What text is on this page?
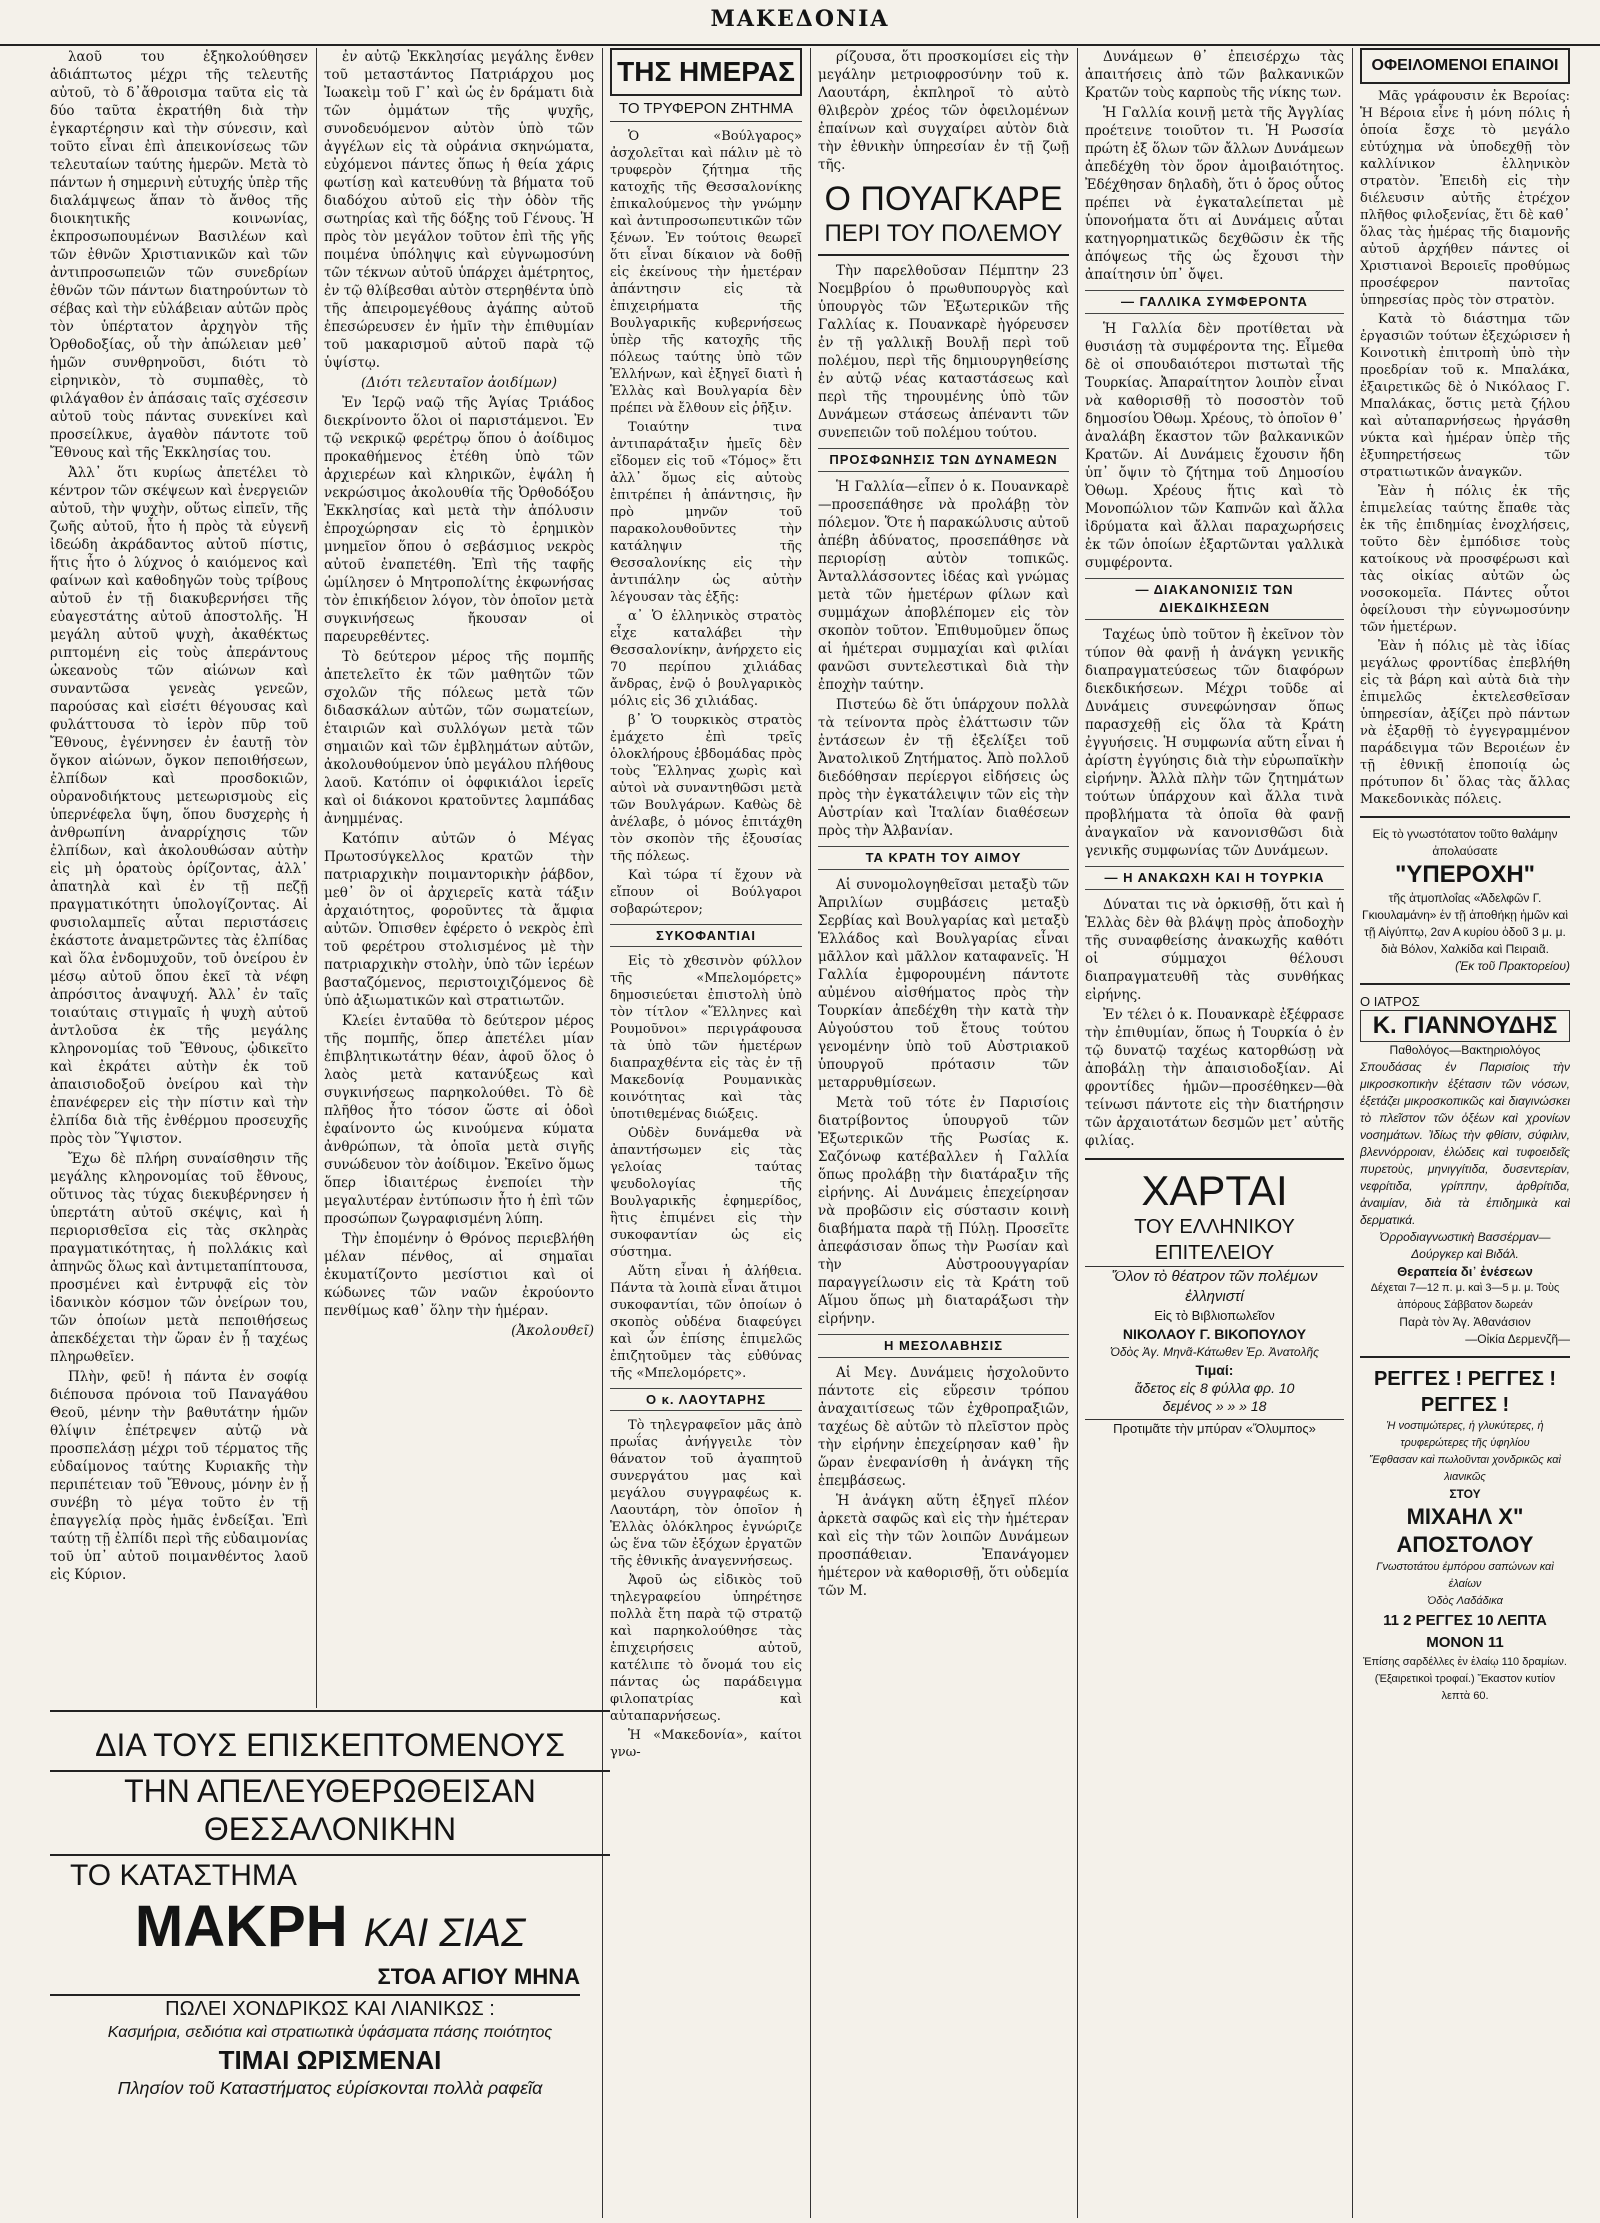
ΜΑΚΕΔΟΝΙΑ

λαοῦ του ἐξηκολούθησεν ἀδιάπτωτος μέχρι τῆς τελευτῆς αὐτοῦ, τὸ δ᾽ἄθροισμα ταῦτα εἰς τὰ δύο ταῦτα ἐκρατήθη διὰ τὴν ἐγκαρτέρησιν καὶ τὴν σύνεσιν, καὶ τοῦτο εἶναι ἐπὶ ἀπεικονίσεως τῶν τελευταίων ταύτης ἡμερῶν. Μετὰ τὸ πάντων ἡ σημερινὴ εὐτυχής ὑπὲρ τῆς διαλάμψεως ἅπαν τὸ ἄνθος τῆς διοικητικῆς κοινωνίας, ἐκπροσωπουμένων Βασιλέων καὶ τῶν ἐθνῶν Χριστιανικῶν καὶ τῶν ἀντιπροσωπειῶν τῶν συνεδρίων ἐθνῶν τῶν πάντων διατηρούντων τὸ σέβας καὶ τὴν εὐλάβειαν αὐτῶν πρὸς τὸν ὑπέρτατον ἀρχηγὸν τῆς Ὀρθοδοξίας, οὗ τὴν ἀπώλειαν μεθ᾽ ἡμῶν συνθρηνοῦσι, διότι τὸ εἰρηνικὸν, τὸ συμπαθὲς, τὸ φιλάγαθον ἐν ἁπάσαις ταῖς σχέσεσιν αὐτοῦ τοὺς πάντας συνεκίνει καὶ προσείλκυε, ἀγαθὸν πάντοτε τοῦ Ἔθνους καὶ τῆς Ἐκκλησίας του.

Ἀλλ᾽ ὅτι κυρίως ἀπετέλει τὸ κέντρον τῶν σκέψεων καὶ ἐνεργειῶν αὐτοῦ, τὴν ψυχὴν, οὕτως εἰπεῖν, τῆς ζωῆς αὐτοῦ, ἦτο ἡ πρὸς τὰ εὐγενῆ ἰδεώδη ἀκράδαντος αὐτοῦ πίστις, ἥτις ἦτο ὁ λύχνος ὁ καιόμενος καὶ φαίνων καὶ καθοδηγῶν τοὺς τρίβους αὐτοῦ ἐν τῇ διακυβερνήσει τῆς εὐαγεστάτης αὐτοῦ ἀποστολῆς. Ἡ μεγάλη αὐτοῦ ψυχὴ, ἀκαθέκτως ριπτομένη εἰς τοὺς ἀπεράντους ὠκεανοὺς τῶν αἰώνων καὶ συναντῶσα γενεὰς γενεῶν, παρούσας καὶ εἰσέτι θέγουσας καὶ φυλάττουσα τὸ ἱερὸν πῦρ τοῦ Ἔθνους, ἐγέννησεν ἐν ἑαυτῇ τὸν ὄγκον αἰώνων, ὄγκον πεποιθήσεων, ἐλπίδων καὶ προσδοκιῶν, οὐρανοδιήκτους μετεωρισμοὺς εἰς ὑπερνέφελα ὕψη, ὅπου δυσχερὴς ἡ ἀνθρωπίνη ἀναρρίχησις τῶν ἐλπίδων, καὶ ἀκολουθώσαν αὐτὴν εἰς μὴ ὁρατοὺς ὁρίζοντας, ἀλλ᾽ ἀπατηλὰ καὶ ἐν τῇ πεζῇ πραγματικότητι ὑπολογίζοντας. Αἱ φυσιολαμπεῖς αὗται περιστάσεις ἐκάστοτε ἀναμετρῶντες τὰς ἐλπίδας καὶ ὅλα ἐνδομυχοῦν, τοῦ ὀνείρου ἐν μέσῳ αὐτοῦ ὅπου ἐκεῖ τὰ νέφη ἀπρόσιτος ἀναψυχή. Ἀλλ᾽ ἐν ταῖς τοιαύταις στιγμαῖς ἡ ψυχὴ αὐτοῦ ἀντλοῦσα ἐκ τῆς μεγάλης κληρονομίας τοῦ Ἔθνους, ᾠδικεῖτο καὶ ἐκράτει αὐτὴν ἐκ τοῦ ἀπαισιοδοξοῦ ὀνείρου καὶ τὴν ἐπανέφερεν εἰς τὴν πίστιν καὶ τὴν ἐλπίδα διὰ τῆς ἐνθέρμου προσευχῆς πρὸς τὸν Ὕψιστον.

Ἔχω δὲ πλήρη συναίσθησιν τῆς μεγάλης κληρονομίας τοῦ ἔθνους, οὕτινος τὰς τύχας διεκυβέρνησεν ἡ ὑπερτάτη αὐτοῦ σκέψις, καὶ ἡ περιορισθεῖσα εἰς τὰς σκληρὰς πραγματικότητας, ἡ πολλάκις καὶ ἀπηνῶς ὅλως καὶ ἀντιμεταπίπτουσα, προσμένει καὶ ἐντρυφᾷ εἰς τὸν ἰδανικὸν κόσμον τῶν ὀνείρων του, τῶν ὁποίων μετὰ πεποιθήσεως ἀπεκδέχεται τὴν ὥραν ἐν ᾗ ταχέως πληρωθεῖεν.

Πλὴν, φεῦ! ἡ πάντα ἐν σοφίᾳ διέπουσα πρόνοια τοῦ Παναγάθου Θεοῦ, μένην τὴν βαθυτάτην ἡμῶν θλίψιν ἐπέτρεψεν αὐτῷ νὰ προσπελάσῃ μέχρι τοῦ τέρματος τῆς εὐδαίμονος ταύτης Κυριακῆς τὴν περιπέτειαν τοῦ Ἔθνους, μόνην ἐν ᾗ συνέβη τὸ μέγα τοῦτο ἐν τῇ ἐπαγγελίᾳ πρὸς ἡμᾶς ἐνδείξαι. Ἐπὶ ταύτῃ τῇ ἐλπίδι περὶ τῆς εὐδαιμονίας τοῦ ὑπ᾽ αὐτοῦ ποιμανθέντος λαοῦ εἰς Κύριον.

ἐν αὐτῷ Ἐκκλησίας μεγάλης ἔνθεν τοῦ μεταστάντος Πατριάρχου μος Ἰωακεὶμ τοῦ Γ᾽ καὶ ὡς ἐν δράματι διὰ τῶν ὀμμάτων τῆς ψυχῆς, συνοδευόμενον αὐτὸν ὑπὸ τῶν ἀγγέλων εἰς τὰ οὐράνια σκηνώματα, εὐχόμενοι πάντες ὅπως ἡ θεία χάρις φωτίσῃ καὶ κατευθύνῃ τὰ βήματα τοῦ διαδόχου αὐτοῦ εἰς τὴν ὁδὸν τῆς σωτηρίας καὶ τῆς δόξης τοῦ Γένους. Ἡ πρὸς τὸν μεγάλον τοῦτον ἐπὶ τῆς γῆς ποιμένα ὑπόληψις καὶ εὐγνωμοσύνη τῶν τέκνων αὐτοῦ ὑπάρχει ἀμέτρητος, ἐν τῷ θλίβεσθαι αὐτὸν στερηθέντα ὑπὸ τῆς ἀπειρομεγέθους ἀγάπης αὐτοῦ ἐπεσώρευσεν ἐν ἡμῖν τὴν ἐπιθυμίαν τοῦ μακαρισμοῦ αὐτοῦ παρὰ τῷ ὑψίστῳ.

(Διότι τελευταῖον ἀοιδίμων)

Ἐν Ἱερῷ ναῷ τῆς Ἁγίας Τριάδος διεκρίνοντο ὅλοι οἱ παριστάμενοι. Ἐν τῷ νεκρικῷ φερέτρῳ ὅπου ὁ ἀοίδιμος προκαθήμενος ἐτέθη ὑπὸ τῶν ἀρχιερέων καὶ κληρικῶν, ἐψάλη ἡ νεκρώσιμος ἀκολουθία τῆς Ὀρθοδόξου Ἐκκλησίας καὶ μετὰ τὴν ἀπόλυσιν ἐπροχώρησαν εἰς τὸ ἐρημικὸν μνημεῖον ὅπου ὁ σεβάσμιος νεκρὸς αὐτοῦ ἐναπετέθη. Ἐπὶ τῆς ταφῆς ὡμίλησεν ὁ Μητροπολίτης ἐκφωνήσας τὸν ἐπικήδειον λόγον, τὸν ὁποῖον μετὰ συγκινήσεως ἤκουσαν οἱ παρευρεθέντες.

Τὸ δεύτερον μέρος τῆς πομπῆς ἀπετελεῖτο ἐκ τῶν μαθητῶν τῶν σχολῶν τῆς πόλεως μετὰ τῶν διδασκάλων αὐτῶν, τῶν σωματείων, ἑταιριῶν καὶ συλλόγων μετὰ τῶν σημαιῶν καὶ τῶν ἐμβλημάτων αὐτῶν, ἀκολουθούμενον ὑπὸ μεγάλου πλήθους λαοῦ. Κατόπιν οἱ ὀφφικιάλοι ἱερεῖς καὶ οἱ διάκονοι κρατοῦντες λαμπάδας ἀνημμένας.

Κατόπιν αὐτῶν ὁ Μέγας Πρωτοσύγκελλος κρατῶν τὴν πατριαρχικὴν ποιμαντορικὴν ῥάβδον, μεθ᾽ ὃν οἱ ἀρχιερεῖς κατὰ τάξιν ἀρχαιότητος, φοροῦντες τὰ ἄμφια αὐτῶν. Ὀπισθεν ἐφέρετο ὁ νεκρὸς ἐπὶ τοῦ φερέτρου στολισμένος μὲ τὴν πατριαρχικὴν στολὴν, ὑπὸ τῶν ἱερέων βασταζόμενος, περιστοιχιζόμενος δὲ ὑπὸ ἀξιωματικῶν καὶ στρατιωτῶν.

Κλείει ἐνταῦθα τὸ δεύτερον μέρος τῆς πομπῆς, ὅπερ ἀπετέλει μίαν ἐπιβλητικωτάτην θέαν, ἀφοῦ ὅλος ὁ λαὸς μετὰ κατανύξεως καὶ συγκινήσεως παρηκολούθει. Τὸ δὲ πλῆθος ἦτο τόσον ὥστε αἱ ὁδοὶ ἐφαίνοντο ὡς κινούμενα κύματα ἀνθρώπων, τὰ ὁποῖα μετὰ σιγῆς συνώδευον τὸν ἀοίδιμον. Ἐκεῖνο ὅμως ὅπερ ἰδιαιτέρως ἐνεποίει τὴν μεγαλυτέραν ἐντύπωσιν ἦτο ἡ ἐπὶ τῶν προσώπων ζωγραφισμένη λύπη.

Τὴν ἐπομένην ὁ Θρόνος περιεβλήθη μέλαν πένθος, αἱ σημαῖαι ἐκυματίζοντο μεσίστιοι καὶ οἱ κώδωνες τῶν ναῶν ἐκρούοντο πενθίμως καθ᾽ ὅλην τὴν ἡμέραν.

(Ἀκολουθεῖ)
ΔΙΑ ΤΟΥΣ ΕΠΙΣΚΕΠΤΟΜΕΝΟΥΣ
ΤΗΝ ΑΠΕΛΕΥΘΕΡΩΘΕΙΣΑΝ ΘΕΣΣΑΛΟΝΙΚΗΝ
ΤΟ ΚΑΤΑΣΤΗΜΑ
ΜΑΚΡΗ ΚΑΙ ΣΙΑΣ
ΣΤΟΑ ΑΓΙΟΥ ΜΗΝΑ
ΠΩΛΕΙ ΧΟΝΔΡΙΚΩΣ ΚΑΙ ΛΙΑΝΙΚΩΣ :
Κασμήρια, σεδιότια καὶ στρατιωτικὰ ὑφάσματα πάσης ποιότητος
ΤΙΜΑΙ ΩΡΙΣΜΕΝΑΙ
Πλησίον τοῦ Καταστήματος εὑρίσκονται πολλὰ ραφεῖα
ΤΗΣ ΗΜΕΡΑΣ
ΤΟ ΤΡΥΦΕΡΟΝ ΖΗΤΗΜΑ

Ὁ «Βούλγαρος» ἀσχολεῖται καὶ πάλιν μὲ τὸ τρυφερὸν ζήτημα τῆς κατοχῆς τῆς Θεσσαλονίκης ἐπικαλούμενος τὴν γνώμην καὶ ἀντιπροσωπευτικῶν τῶν ξένων. Ἐν τούτοις θεωρεῖ ὅτι εἶναι δίκαιον νὰ δοθῇ εἰς ἐκείνους τὴν ἡμετέραν ἀπάντησιν εἰς τὰ ἐπιχειρήματα τῆς Βουλγαρικῆς κυβερνήσεως ὑπὲρ τῆς κατοχῆς τῆς πόλεως ταύτης ὑπὸ τῶν Ἑλλήνων, καὶ ἐξηγεῖ διατὶ ἡ Ἑλλὰς καὶ Βουλγαρία δὲν πρέπει νὰ ἔλθουν εἰς ῥῆξιν.

Τοιαύτην τινα ἀντιπαράταξιν ἡμεῖς δὲν εἴδομεν εἰς τοῦ «Τόμος» ἔτι ἀλλ᾽ ὅμως εἰς αὐτοὺς ἐπιτρέπει ἡ ἀπάντησις, ἣν πρὸ μηνῶν τοῦ παρακολουθοῦντες τὴν κατάληψιν τῆς Θεσσαλονίκης εἰς τὴν ἀντιπάλην ὡς αὐτὴν λέγουσαν τὰς ἑξῆς:

α᾽ Ὁ ἑλληνικὸς στρατὸς εἶχε καταλάβει τὴν Θεσσαλονίκην, ἀνήρχετο εἰς 70 περίπου χιλιάδας ἄνδρας, ἐνῷ ὁ βουλγαρικὸς μόλις εἰς 36 χιλιάδας.

β᾽ Ὁ τουρκικὸς στρατὸς ἐμάχετο ἐπὶ τρεῖς ὁλοκλήρους ἑβδομάδας πρὸς τοὺς Ἕλληνας χωρὶς καὶ αὐτοὶ νὰ συναντηθῶσι μετὰ τῶν Βουλγάρων. Καθὼς δὲ ἀνέλαβε, ὁ μόνος ἐπιτάχθη τὸν σκοπὸν τῆς ἐξουσίας τῆς πόλεως.

Καὶ τώρα τί ἔχουν νὰ εἴπουν οἱ Βούλγαροι σοβαρώτερον;

ΣΥΚΟΦΑΝΤΙΑΙ

Εἰς τὸ χθεσινὸν φύλλον τῆς «Μπελομόρετς» δημοσιεύεται ἐπιστολὴ ὑπὸ τὸν τίτλον «Ἕλληνες καὶ Ρουμοῦνοι» περιγράφουσα τὰ ὑπὸ τῶν ἡμετέρων διαπραχθέντα εἰς τὰς ἐν τῇ Μακεδονίᾳ Ρουμανικὰς κοινότητας καὶ τὰς ὑποτιθεμένας διώξεις.

Οὐδὲν δυνάμεθα νὰ ἀπαντήσωμεν εἰς τὰς γελοίας ταύτας ψευδολογίας τῆς Βουλγαρικῆς ἐφημερίδος, ἣτις ἐπιμένει εἰς τὴν συκοφαντίαν ὡς εἰς σύστημα.

Αὕτη εἶναι ἡ ἀλήθεια. Πάντα τὰ λοιπὰ εἶναι ἄτιμοι συκοφαντίαι, τῶν ὁποίων ὁ σκοπὸς οὐδένα διαφεύγει καὶ ὧν ἐπίσης ἐπιμελῶς ἐπιζητοῦμεν τὰς εὐθύνας τῆς «Μπελομόρετς».

Ο κ. ΛΑΟΥΤΑΡΗΣ

Τὸ τηλεγραφεῖον μᾶς ἀπὸ πρωΐας ἀνήγγειλε τὸν θάνατον τοῦ ἀγαπητοῦ συνεργάτου μας καὶ μεγάλου συγγραφέως κ. Λαουτάρη, τὸν ὁποῖον ἡ Ἑλλὰς ὁλόκληρος ἐγνώριζε ὡς ἕνα τῶν ἐξόχων ἐργατῶν τῆς ἐθνικῆς ἀναγεννήσεως.

Ἀφοῦ ὡς εἰδικὸς τοῦ τηλεγραφείου ὑπηρέτησε πολλὰ ἔτη παρὰ τῷ στρατῷ καὶ παρηκολούθησε τὰς ἐπιχειρήσεις αὐτοῦ, κατέλιπε τὸ ὄνομά του εἰς πάντας ὡς παράδειγμα φιλοπατρίας καὶ αὐταπαρνήσεως.

Ἡ «Μακεδονία», καίτοι γνω-

ρίζουσα, ὅτι προσκομίσει εἰς τὴν μεγάλην μετριοφροσύνην τοῦ κ. Λαουτάρη, ἐκπληροῖ τὸ αὐτὸ θλιβερὸν χρέος τῶν ὀφειλομένων ἐπαίνων καὶ συγχαίρει αὐτὸν διὰ τὴν ἐθνικὴν ὑπηρεσίαν ἐν τῇ ζωῇ τῆς.

Ο ΠΟΥΑΓΚΑΡΕ
ΠΕΡΙ ΤΟΥ ΠΟΛΕΜΟΥ

Τὴν παρελθοῦσαν Πέμπτην 23 Νοεμβρίου ὁ πρωθυπουργὸς καὶ ὑπουργὸς τῶν Ἐξωτερικῶν τῆς Γαλλίας κ. Πουανκαρὲ ἠγόρευσεν ἐν τῇ γαλλικῇ Βουλῇ περὶ τοῦ πολέμου, περὶ τῆς δημιουργηθείσης ἐν αὐτῷ νέας καταστάσεως καὶ περὶ τῆς τηρουμένης ὑπὸ τῶν Δυνάμεων στάσεως ἀπέναντι τῶν συνεπειῶν τοῦ πολέμου τούτου.

ΠΡΟΣΦΩΝΗΣΙΣ ΤΩΝ ΔΥΝΑΜΕΩΝ

Ἡ Γαλλία—εἶπεν ὁ κ. Πουανκαρὲ—προσεπάθησε νὰ προλάβῃ τὸν πόλεμον. Ὅτε ἡ παρακώλυσις αὐτοῦ ἀπέβη ἀδύνατος, προσεπάθησε νὰ περιορίσῃ αὐτὸν τοπικῶς. Ἀνταλλάσσοντες ἰδέας καὶ γνώμας μετὰ τῶν ἡμετέρων φίλων καὶ συμμάχων ἀποβλέπομεν εἰς τὸν σκοπὸν τοῦτον. Ἐπιθυμοῦμεν ὅπως αἱ ἡμέτεραι συμμαχίαι καὶ φιλίαι φανῶσι συντελεστικαὶ διὰ τὴν ἐποχὴν ταύτην.

Πιστεύω δὲ ὅτι ὑπάρχουν πολλὰ τὰ τείνοντα πρὸς ἐλάττωσιν τῶν ἐντάσεων ἐν τῇ ἐξελίξει τοῦ Ἀνατολικοῦ Ζητήματος. Ἀπὸ πολλοῦ διεδόθησαν περίεργοι εἰδήσεις ὡς πρὸς τὴν ἐγκατάλειψιν τῶν εἰς τὴν Αὐστρίαν καὶ Ἰταλίαν διαθέσεων πρὸς τὴν Ἀλβανίαν.

ΤΑ ΚΡΑΤΗ ΤΟΥ ΑΙΜΟΥ

Αἱ συνομολογηθεῖσαι μεταξὺ τῶν Ἀπριλίων συμβάσεις μεταξὺ Σερβίας καὶ Βουλγαρίας καὶ μεταξὺ Ἑλλάδος καὶ Βουλγαρίας εἶναι μᾶλλον καὶ μᾶλλον καταφανεῖς. Ἡ Γαλλία ἐμφορουμένη πάντοτε αὐμένου αἰσθήματος πρὸς τὴν Τουρκίαν ἀπεδέχθη τὴν κατὰ τὴν Αὐγούστου τοῦ ἔτους τούτου γενομένην ὑπὸ τοῦ Αὐστριακοῦ ὑπουργοῦ πρότασιν τῶν μεταρρυθμίσεων.

Μετὰ τοῦ τότε ἐν Παρισίοις διατρίβοντος ὑπουργοῦ τῶν Ἐξωτερικῶν τῆς Ρωσίας κ. Σαζόνωφ κατέβαλλεν ἡ Γαλλία ὅπως προλάβῃ τὴν διατάραξιν τῆς εἰρήνης. Αἱ Δυνάμεις ἐπεχείρησαν νὰ προβῶσιν εἰς σύστασιν κοινὴ διαβήματα παρὰ τῇ Πύλῃ. Προσεῖτε ἀπεφάσισαν ὅπως τὴν Ρωσίαν καὶ τὴν Αὐστροουγγαρίαν παραγγείλωσιν εἰς τὰ Κράτη τοῦ Αἵμου ὅπως μὴ διαταράξωσι τὴν εἰρήνην.

Η ΜΕΣΟΛΑΒΗΣΙΣ

Αἱ Μεγ. Δυνάμεις ἠσχολοῦντο πάντοτε εἰς εὕρεσιν τρόπου ἀναχαιτίσεως τῶν ἐχθροπραξιῶν, ταχέως δὲ αὐτῶν τὸ πλεῖστον πρὸς τὴν εἰρήνην ἐπεχείρησαν καθ᾽ ἣν ὥραν ἐνεφανίσθη ἡ ἀνάγκη τῆς ἐπεμβάσεως.

Ἡ ἀνάγκη αὕτη ἐξηγεῖ πλέον ἀρκετὰ σαφῶς καὶ εἰς τὴν ἡμέτεραν καὶ εἰς τὴν τῶν λοιπῶν Δυνάμεων προσπάθειαν. Ἐπανάγομεν ἡμέτερον νὰ καθορισθῇ, ὅτι οὐδεμία τῶν Μ.

Δυνάμεων θ᾽ ἐπεισέρχω τὰς ἀπαιτήσεις ἀπὸ τῶν βαλκανικῶν Κρατῶν τοὺς καρποὺς τῆς νίκης των.

Ἡ Γαλλία κοινῇ μετὰ τῆς Ἀγγλίας προέτεινε τοιοῦτον τι. Ἡ Ρωσσία πρώτη ἐξ ὅλων τῶν ἄλλων Δυνάμεων ἀπεδέχθη τὸν ὅρον ἀμοιβαιότητος. Ἐδέχθησαν δηλαδὴ, ὅτι ὁ ὅρος οὗτος πρέπει νὰ ἐγκαταλείπεται μὲ ὑπονοήματα ὅτι αἱ Δυνάμεις αὗται κατηγορηματικῶς δεχθῶσιν ἐκ τῆς ἀπόψεως τῆς ὡς ἔχουσι τὴν ἀπαίτησιν ὑπ᾽ ὄψει.

— ΓΑΛΛΙΚΑ ΣΥΜΦΕΡΟΝΤΑ

Ἡ Γαλλία δὲν προτίθεται νὰ θυσιάσῃ τὰ συμφέροντα της. Εἶμεθα δὲ οἱ σπουδαιότεροι πιστωταὶ τῆς Τουρκίας. Ἀπαραίτητον λοιπὸν εἶναι νὰ καθορισθῇ τὸ ποσοστὸν τοῦ δημοσίου Ὀθωμ. Χρέους, τὸ ὁποῖον θ᾽ ἀναλάβη ἕκαστον τῶν βαλκανικῶν Κρατῶν. Αἱ Δυνάμεις ἔχουσιν ἤδη ὑπ᾽ ὄψιν τὸ ζήτημα τοῦ Δημοσίου Ὀθωμ. Χρέους ἥτις καὶ τὸ Μονοπώλιον τῶν Καπνῶν καὶ ἄλλα ἰδρύματα καὶ ἄλλαι παραχωρήσεις ἐκ τῶν ὁποίων ἐξαρτῶνται γαλλικὰ συμφέροντα.

— ΔΙΑΚΑΝΟΝΙΣΙΣ ΤΩΝ ΔΙΕΚΔΙΚΗΣΕΩΝ

Ταχέως ὑπὸ τοῦτον ἢ ἐκεῖνον τὸν τύπον θὰ φανῇ ἡ ἀνάγκη γενικῆς διαπραγματεύσεως τῶν διαφόρων διεκδικήσεων. Μέχρι τοῦδε αἱ Δυνάμεις συνεφώνησαν ὅπως παρασχεθῇ εἰς ὅλα τὰ Κράτη ἐγγυήσεις. Ἡ συμφωνία αὕτη εἶναι ἡ ἀρίστη ἐγγύησις διὰ τὴν εὐρωπαϊκὴν εἰρήνην. Ἀλλὰ πλὴν τῶν ζητημάτων τούτων ὑπάρχουν καὶ ἄλλα τινὰ προβλήματα τὰ ὁποῖα θὰ φανῇ ἀναγκαῖον νὰ κανονισθῶσι διὰ γενικῆς συμφωνίας τῶν Δυνάμεων.

— Η ΑΝΑΚΩΧΗ ΚΑΙ Η ΤΟΥΡΚΙΑ

Δύναται τις νὰ ὁρκισθῇ, ὅτι καὶ ἡ Ἑλλὰς δὲν θὰ βλάψῃ πρὸς ἀποδοχὴν τῆς συναφθείσης ἀνακωχῆς καθότι οἱ σύμμαχοι θέλουσι διαπραγματευθῆ τὰς συνθήκας εἰρήνης.

Ἐν τέλει ὁ κ. Πουανκαρὲ ἐξέφρασε τὴν ἐπιθυμίαν, ὅπως ἡ Τουρκία ὁ ἐν τῷ δυνατῷ ταχέως κατορθώσῃ νὰ ἀποβάλῃ τὴν ἀπαισιοδοξίαν. Αἱ φροντίδες ἡμῶν—προσέθηκεν—θὰ τείνωσι πάντοτε εἰς τὴν διατήρησιν τῶν ἀρχαιοτάτων δεσμῶν μετ᾽ αὐτῆς φιλίας.

ΧΑΡΤΑΙ
ΤΟΥ ΕΛΛΗΝΙΚΟΥ ΕΠΙΤΕΛΕΙΟΥ
Ὅλον τὸ θέατρον τῶν πολέμων ἐλληνιστί
Εἰς τὸ Βιβλιοπωλεῖον
ΝΙΚΟΛΑΟΥ Γ. ΒΙΚΟΠΟΥΛΟΥ
Ὁδὸς Ἁγ. Μηνᾶ-Κάτωθεν Ἑρ. Ἀνατολῆς
Τιμαί:
ἄδετος εἰς 8 φύλλα φρ. 10
δεμένος » » » 18
Προτιμᾶτε τὴν μπύραν «Ὄλυμπος»
ΟΦΕΙΛΟΜΕΝΟΙ ΕΠΑΙΝΟΙ

Μᾶς γράφουσιν ἐκ Βεροίας: Ἡ Βέροια εἶνε ἡ μόνη πόλις ἡ ὁποία ἔσχε τὸ μεγάλο εὐτύχημα νὰ ὑποδεχθῇ τὸν καλλίνικον ἑλληνικὸν στρατὸν. Ἐπειδὴ εἰς τὴν διέλευσιν αὐτῆς ἐτρέχον πλῆθος φιλοξενίας, ἔτι δὲ καθ᾽ ὅλας τὰς ἡμέρας τῆς διαμονῆς αὐτοῦ ἀρχήθεν πάντες οἱ Χριστιανοὶ Βεροιεῖς προθύμως προσέφερον παντοῖας ὑπηρεσίας πρὸς τὸν στρατὸν.

Κατὰ τὸ διάστημα τῶν ἐργασιῶν τούτων ἐξεχώρισεν ἡ Κοινοτικὴ ἐπιτροπὴ ὑπὸ τὴν προεδρίαν τοῦ κ. Μπαλάκα, ἐξαιρετικῶς δὲ ὁ Νικόλαος Γ. Μπαλάκας, ὅστις μετὰ ζήλου καὶ αὐταπαρνήσεως ἠργάσθη νύκτα καὶ ἡμέραν ὑπὲρ τῆς ἐξυπηρετήσεως τῶν στρατιωτικῶν ἀναγκῶν.

Ἐὰν ἡ πόλις ἐκ τῆς ἐπιμελείας ταύτης ἔπαθε τὰς ἐκ τῆς ἐπιδημίας ἐνοχλήσεις, τοῦτο δὲν ἐμπόδισε τοὺς κατοίκους νὰ προσφέρωσι καὶ τὰς οἰκίας αὐτῶν ὡς νοσοκομεῖα. Πάντες οὗτοι ὀφείλουσι τὴν εὐγνωμοσύνην τῶν ἡμετέρων.

Ἐὰν ἡ πόλις μὲ τὰς ἰδίας μεγάλως φροντίδας ἐπεβλήθη εἰς τὰ βάρη καὶ αὐτὰ διὰ τὴν ἐπιμελῶς ἐκτελεσθεῖσαν ὑπηρεσίαν, ἀξίζει πρὸ πάντων νὰ ἐξαρθῇ τὸ ἐγγεγραμμένον παράδειγμα τῶν Βεροιέων ἐν τῇ ἐθνικῇ ἐποποιίᾳ ὡς πρότυπον δι᾽ ὅλας τὰς ἄλλας Μακεδονικὰς πόλεις.

Εἰς τὸ γνωστότατον τοῦτο θαλάμην ἀπολαύσατε
"ΥΠΕΡΟΧΗ"
τῆς ἀτμοπλοΐας «Ἀδελφῶν Γ. Γκιουλαμάνη» ἐν τῇ ἀποθήκῃ ἡμῶν καὶ τῇ Αἰγύπτῳ, 2αν Α κυρίου ὁδοῦ 3 μ. μ. διὰ Βόλον, Χαλκίδα καὶ Πειραιᾶ.
(Ἐκ τοῦ Πρακτορείου)
Ο ΙΑΤΡΟΣ
Κ. ΓΙΑΝΝΟΥΔΗΣ
Παθολόγος—Βακτηριολόγος
Σπουδάσας ἐν Παρισίοις τὴν μικροσκοπικὴν ἐξέτασιν τῶν νόσων, ἐξετάζει μικροσκοπικῶς καὶ διαγινώσκει τὸ πλεῖστον τῶν ὀξέων καὶ χρονίων νοσημάτων. Ἰδίως τὴν φθίσιν, σύφιλιν, βλεννόρροιαν, ἑλώδεις καὶ τυφοειδεῖς πυρετοὺς, μηνιγγίτιδα, δυσεντερίαν, νεφρίτιδα, γρίππην, ἀρθρίτιδα, ἀναιμίαν, διὰ τὰ ἐπιδημικὰ καὶ δερματικά.
Ὀρροδιαγνωστικὴ Βασσέρμαν—Δούργκερ καὶ Βιδάλ.
Θεραπεία δι᾽ ἐνέσεων
Δέχεται 7—12 π. μ. καὶ 3—5 μ. μ. Τοὺς ἀπόρους Σάββατον δωρεάν
Παρὰ τὸν Ἁγ. Ἀθανάσιον
—Οἰκία Δερμενζῆ—
ΡΕΓΓΕΣ ! ΡΕΓΓΕΣ ! ΡΕΓΓΕΣ !
Ἡ νοστιμώτερες, ἡ γλυκύτερες, ἡ τρυφερώτερες τῆς ὑφηλίου
Ἔφθασαν καὶ πωλοῦνται χονδρικῶς καὶ λιανικῶς
ΣΤΟΥ
ΜΙΧΑΗΛ Χ" ΑΠΟΣΤΟΛΟΥ
Γνωστοτάτου ἐμπόρου σαπώνων καὶ ἐλαίων
Ὁδὸς Λαδάδικα
11 2 ΡΕΓΓΕΣ 10 ΛΕΠΤΑ ΜΟΝΟΝ 11
Ἐπίσης σαρδέλλες ἐν ἐλαίῳ 110 δραμίων. (Ἐξαιρετικοὶ τροφαί.) Ἕκαστον κυτίον λεπτὰ 60.
